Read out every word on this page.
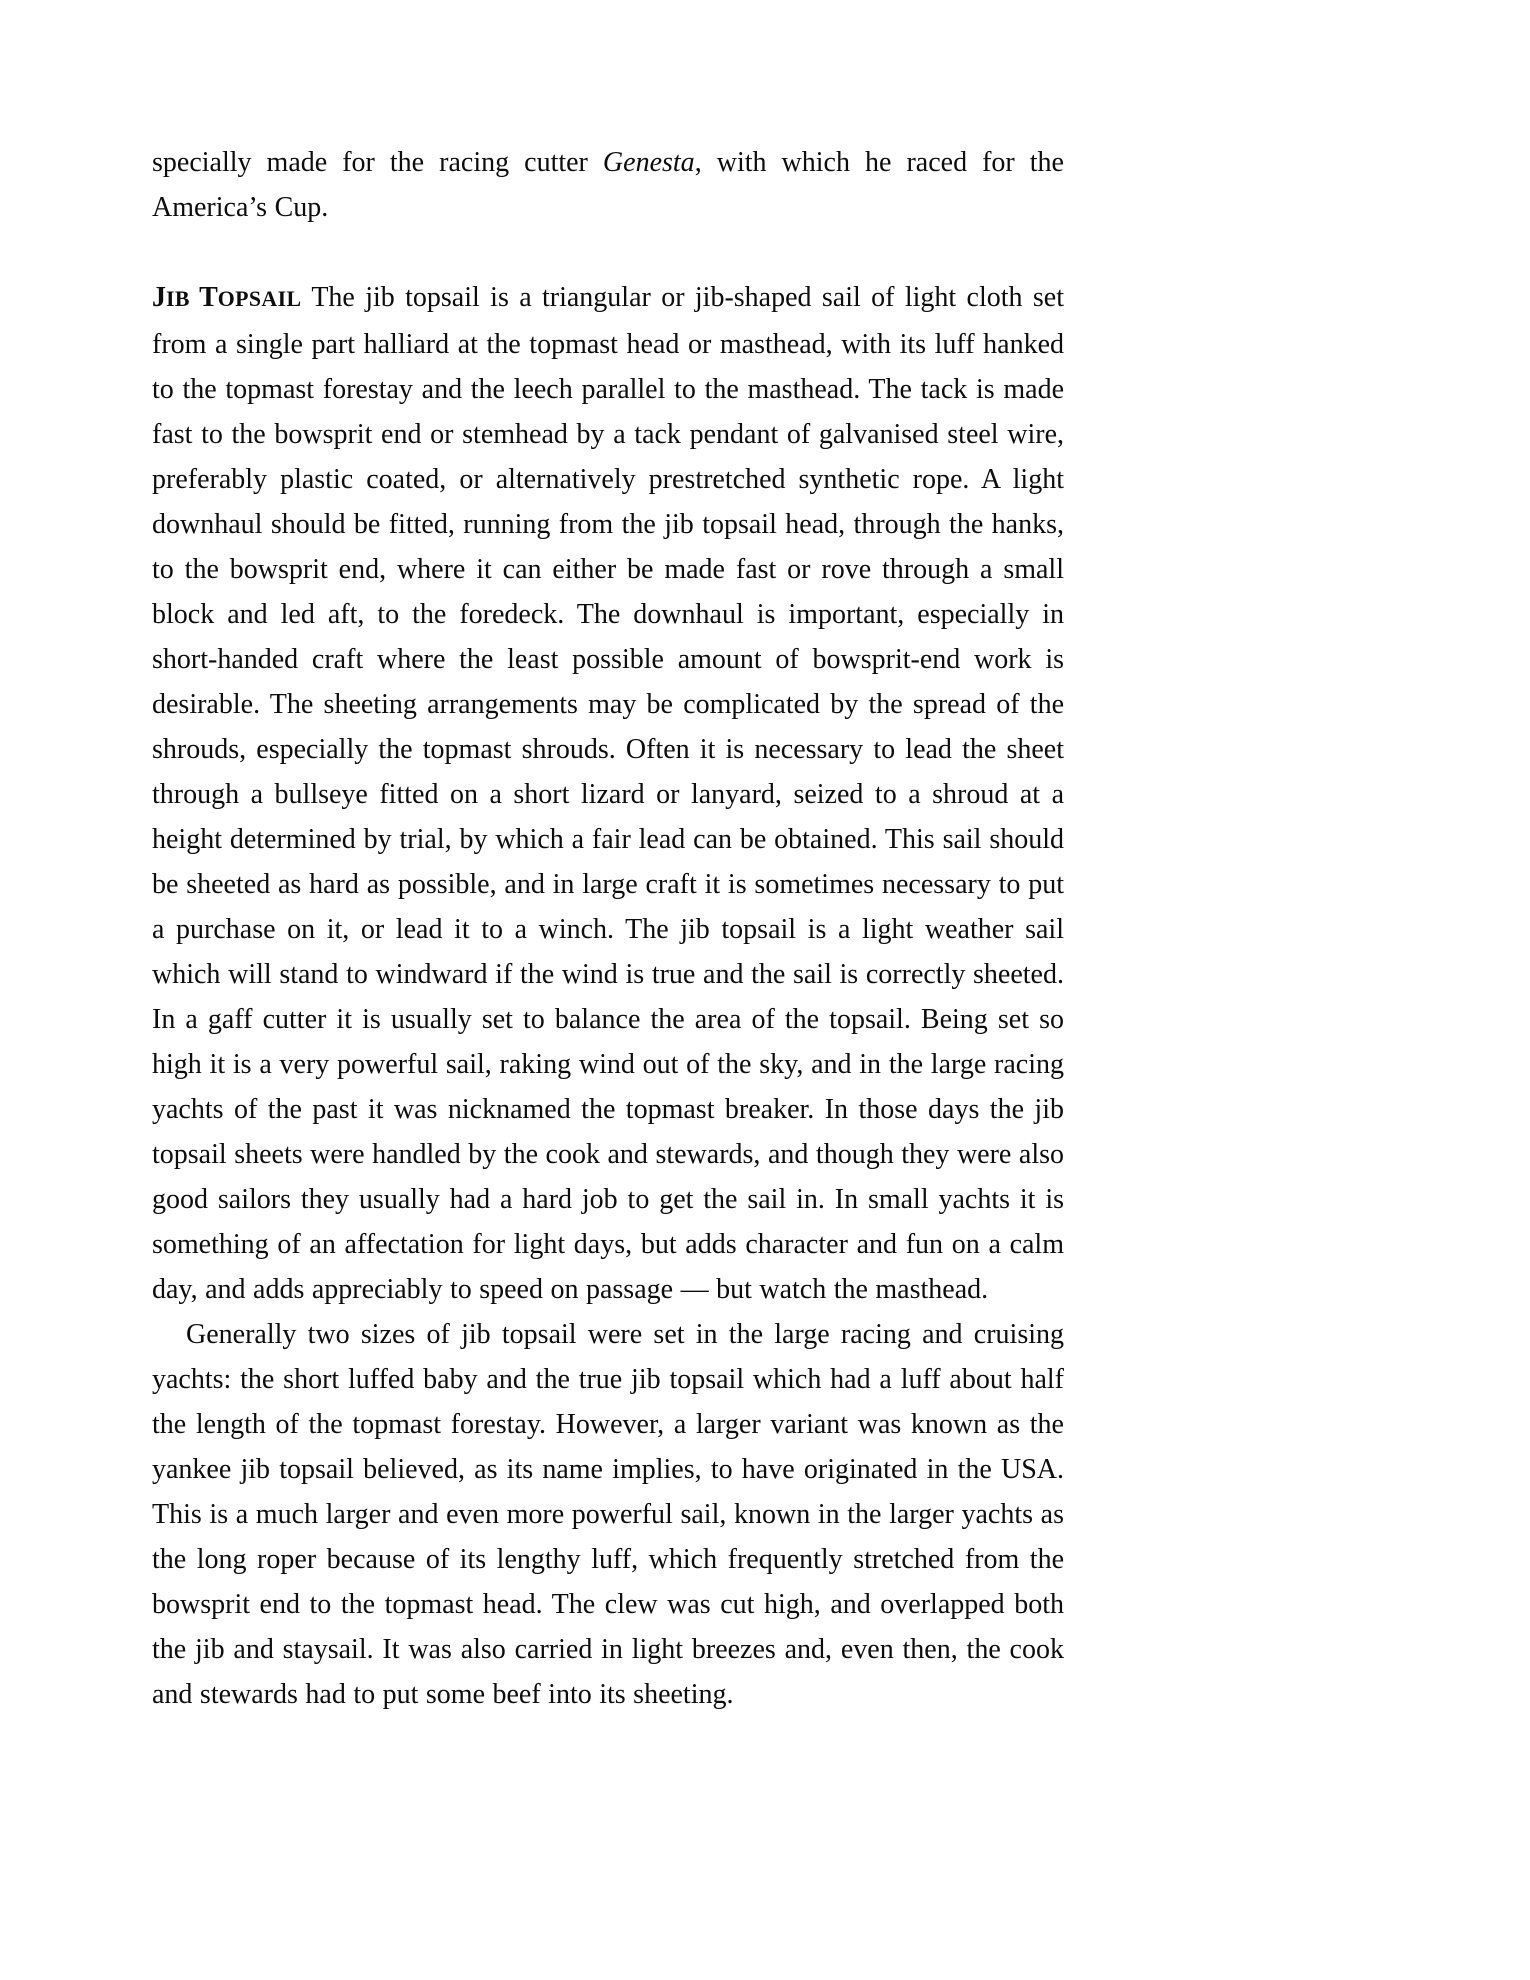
specially made for the racing cutter Genesta, with which he raced for the America’s Cup.

JIB TOPSAIL The jib topsail is a triangular or jib-shaped sail of light cloth set from a single part halliard at the topmast head or masthead, with its luff hanked to the topmast forestay and the leech parallel to the masthead. The tack is made fast to the bowsprit end or stemhead by a tack pendant of galvanised steel wire, preferably plastic coated, or alternatively prestretched synthetic rope. A light downhaul should be fitted, running from the jib topsail head, through the hanks, to the bowsprit end, where it can either be made fast or rove through a small block and led aft, to the foredeck. The downhaul is important, especially in short-handed craft where the least possible amount of bowsprit-end work is desirable. The sheeting arrangements may be complicated by the spread of the shrouds, especially the topmast shrouds. Often it is necessary to lead the sheet through a bullseye fitted on a short lizard or lanyard, seized to a shroud at a height determined by trial, by which a fair lead can be obtained. This sail should be sheeted as hard as possible, and in large craft it is sometimes necessary to put a purchase on it, or lead it to a winch. The jib topsail is a light weather sail which will stand to windward if the wind is true and the sail is correctly sheeted. In a gaff cutter it is usually set to balance the area of the topsail. Being set so high it is a very powerful sail, raking wind out of the sky, and in the large racing yachts of the past it was nicknamed the topmast breaker. In those days the jib topsail sheets were handled by the cook and stewards, and though they were also good sailors they usually had a hard job to get the sail in. In small yachts it is something of an affectation for light days, but adds character and fun on a calm day, and adds appreciably to speed on passage — but watch the masthead.

Generally two sizes of jib topsail were set in the large racing and cruising yachts: the short luffed baby and the true jib topsail which had a luff about half the length of the topmast forestay. However, a larger variant was known as the yankee jib topsail believed, as its name implies, to have originated in the USA. This is a much larger and even more powerful sail, known in the larger yachts as the long roper because of its lengthy luff, which frequently stretched from the bowsprit end to the topmast head. The clew was cut high, and overlapped both the jib and staysail. It was also carried in light breezes and, even then, the cook and stewards had to put some beef into its sheeting.
